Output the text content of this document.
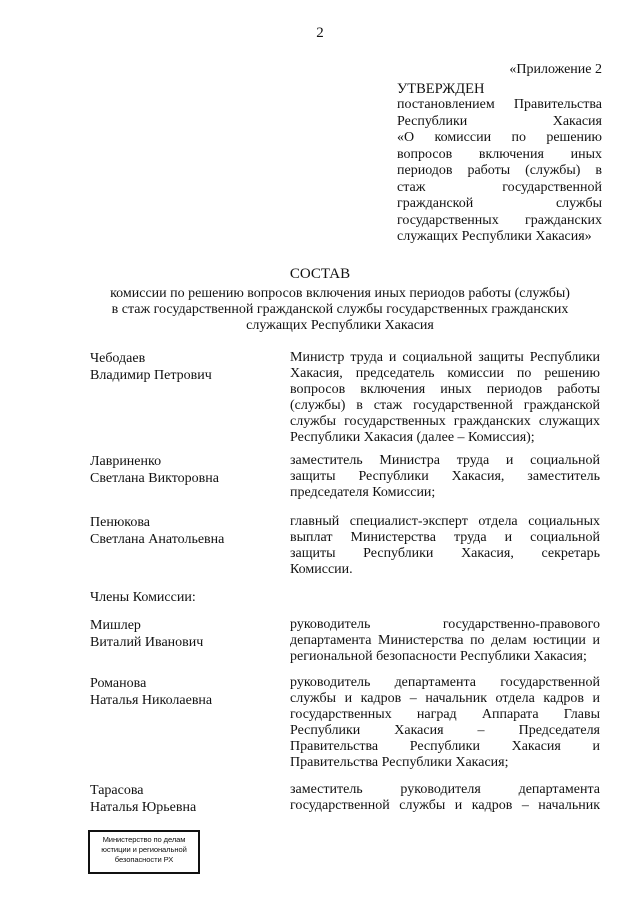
2
«Приложение 2
УТВЕРЖДЕН
постановлением Правительства
Республики Хакасия
«О комиссии по решению
вопросов включения иных
периодов работы (службы) в
стаж государственной
гражданской службы
государственных гражданских
служащих Республики Хакасия»
СОСТАВ
комиссии по решению вопросов включения иных периодов работы (службы)
в стаж государственной гражданской службы государственных гражданских
служащих Республики Хакасия
Чебодаев
Владимир Петрович
Министр труда и социальной защиты Республики
Хакасия, председатель комиссии по решению
вопросов включения иных периодов работы
(службы) в стаж государственной гражданской
службы государственных гражданских служащих
Республики Хакасия (далее – Комиссия);
Лавриненко
Светлана Викторовна
заместитель Министра труда и социальной
защиты Республики Хакасия, заместитель
председателя Комиссии;
Пенюкова
Светлана Анатольевна
главный специалист-эксперт отдела социальных
выплат Министерства труда и социальной
защиты Республики Хакасия, секретарь
Комиссии.
Члены Комиссии:
Мишлер
Виталий Иванович
руководитель государственно-правового
департамента Министерства по делам юстиции и
региональной безопасности Республики Хакасия;
Романова
Наталья Николаевна
руководитель департамента государственной
службы и кадров – начальник отдела кадров и
государственных наград Аппарата Главы
Республики Хакасия – Председателя
Правительства Республики Хакасия и
Правительства Республики Хакасия;
Тарасова
Наталья Юрьевна
заместитель руководителя департамента
государственной службы и кадров – начальник
Министерство по делам
юстиции и региональной
безопасности РХ
